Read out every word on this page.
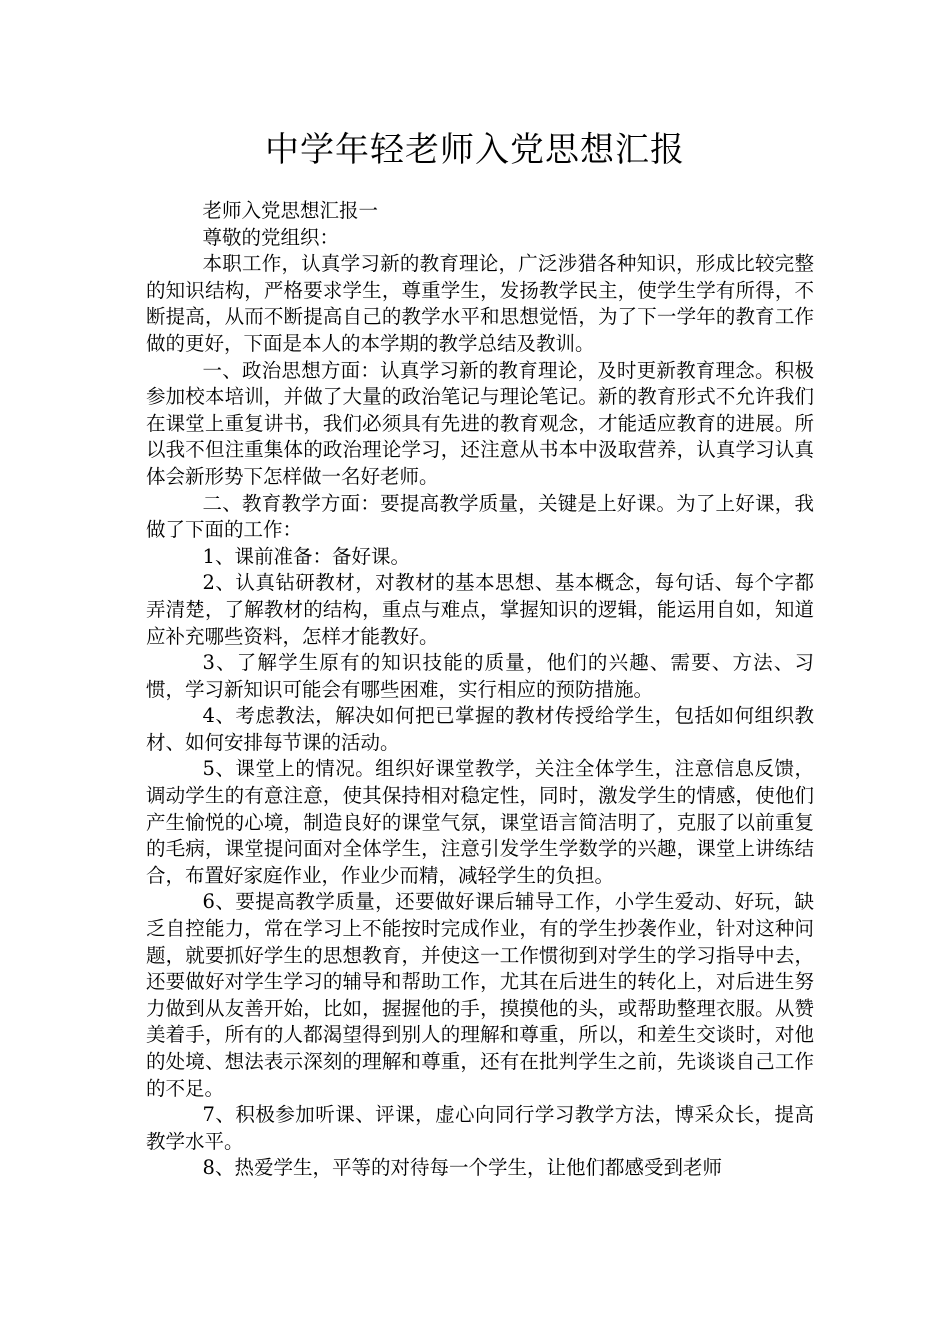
中学年轻老师入党思想汇报

老师入党思想汇报一

尊敬的党组织：

本职工作，认真学习新的教育理论，广泛涉猎各种知识，形成比较完整的知识结构，严格要求学生，尊重学生，发扬教学民主，使学生学有所得，不断提高，从而不断提高自己的教学水平和思想觉悟，为了下一学年的教育工作做的更好，下面是本人的本学期的教学总结及教训。

一、政治思想方面：认真学习新的教育理论，及时更新教育理念。积极参加校本培训，并做了大量的政治笔记与理论笔记。新的教育形式不允许我们在课堂上重复讲书，我们必须具有先进的教育观念，才能适应教育的进展。所以我不但注重集体的政治理论学习，还注意从书本中汲取营养，认真学习认真体会新形势下怎样做一名好老师。

二、教育教学方面：要提高教学质量，关键是上好课。为了上好课，我做了下面的工作：

1、课前准备：备好课。

2、认真钻研教材，对教材的基本思想、基本概念，每句话、每个字都弄清楚，了解教材的结构，重点与难点，掌握知识的逻辑，能运用自如，知道应补充哪些资料，怎样才能教好。

3、了解学生原有的知识技能的质量，他们的兴趣、需要、方法、习惯，学习新知识可能会有哪些困难，实行相应的预防措施。

4、考虑教法，解决如何把已掌握的教材传授给学生，包括如何组织教材、如何安排每节课的活动。

5、课堂上的情况。组织好课堂教学，关注全体学生，注意信息反馈，调动学生的有意注意，使其保持相对稳定性，同时，激发学生的情感，使他们产生愉悦的心境，制造良好的课堂气氛，课堂语言简洁明了，克服了以前重复的毛病，课堂提问面对全体学生，注意引发学生学数学的兴趣，课堂上讲练结合，布置好家庭作业，作业少而精，减轻学生的负担。

6、要提高教学质量，还要做好课后辅导工作，小学生爱动、好玩，缺乏自控能力，常在学习上不能按时完成作业，有的学生抄袭作业，针对这种问题，就要抓好学生的思想教育，并使这一工作惯彻到对学生的学习指导中去，还要做好对学生学习的辅导和帮助工作，尤其在后进生的转化上，对后进生努力做到从友善开始，比如，握握他的手，摸摸他的头，或帮助整理衣服。从赞美着手，所有的人都渴望得到别人的理解和尊重，所以，和差生交谈时，对他的处境、想法表示深刻的理解和尊重，还有在批判学生之前，先谈谈自己工作的不足。

7、积极参加听课、评课，虚心向同行学习教学方法，博采众长，提高教学水平。

8、热爱学生，平等的对待每一个学生，让他们都感受到老师
